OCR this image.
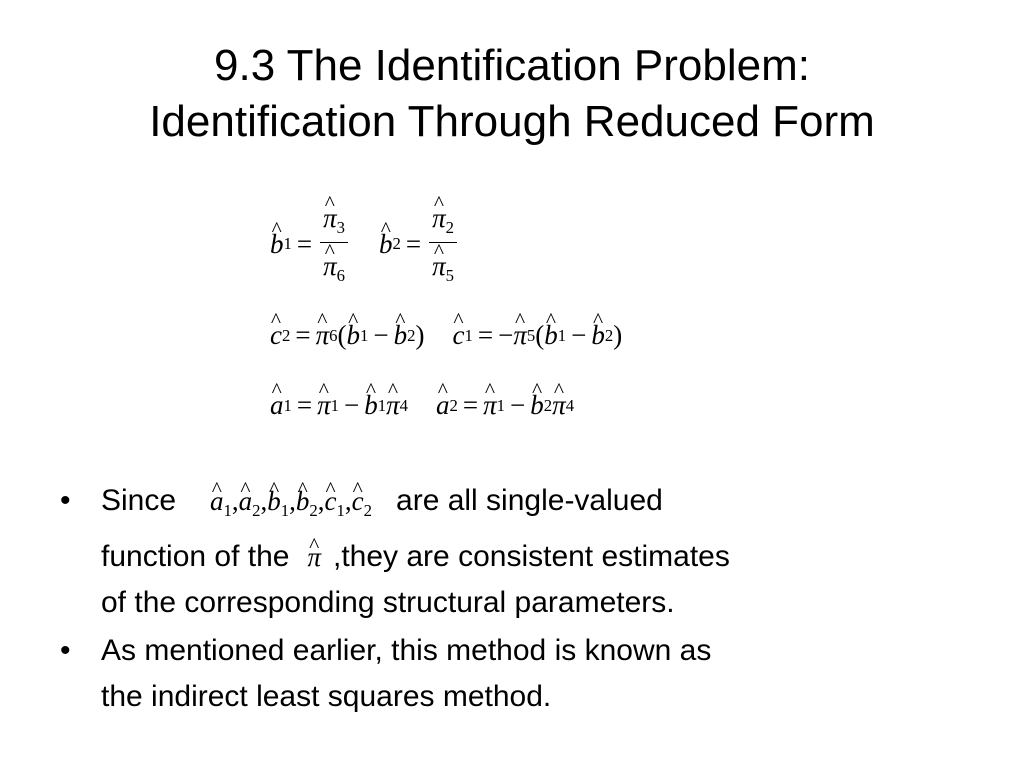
9.3 The Identification Problem:
Identification Through Reduced Form
^ b 1 = ^ $\pi_3$
^ $\pi_6$ ^ b 2 = ^ $\pi_2$
^ $\pi_5$
^ c 2 = ^ π 6 ( ^ b 1 − ^ b 2 ) ^ c 1 = − ^ π 5 ( ^ b 1 − ^ b 2 )
^ a 1 = ^ π 1 − ^ b 1 ^ π 4 ^ a 2 = ^ π 1 − ^ b 2 ^ π 4
• Since ^ $a_1,\^{}$ $a_2,\^{}$ $b_1,\^{}$ $b_2,\^{}$ $c_1,\^{}$ $c_2$ are all single-valued
function of the ^ π ,they are consistent estimates
of the corresponding structural parameters.
• As mentioned earlier, this method is known as
the indirect least squares method.
